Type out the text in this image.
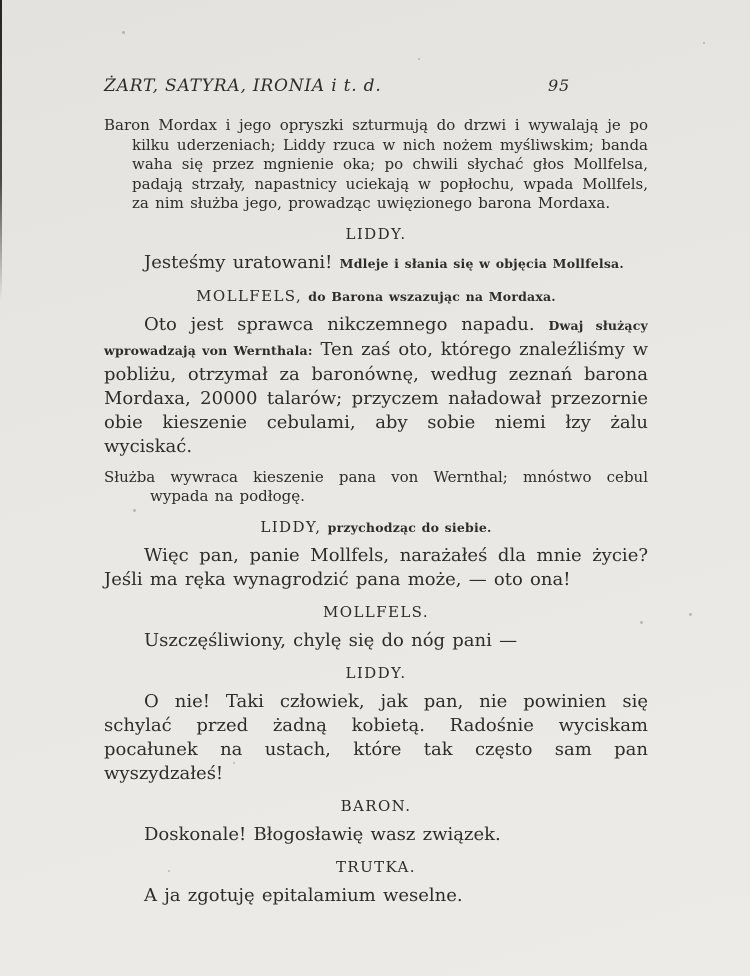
ŻART, SATYRA, IRONIA i t. d.	95

Baron Mordax i jego opryszki szturmują do drzwi i wywalają je po kilku uderzeniach; Liddy rzuca w nich nożem myśliwskim; banda waha się przez mgnienie oka; po chwili słychać głos Mollfelsa, padają strzały, napastnicy uciekają w popłochu, wpada Mollfels, za nim służba jego, prowadząc uwięzionego barona Mordaxa.

LIDDY.

Jesteśmy uratowani! Mdleje i słania się w objęcia Mollfelsa.

MOLLFELS, do Barona wszazując na Mordaxa.

Oto jest sprawca nikczemnego napadu. Dwaj służący wprowadzają von Wernthala: Ten zaś oto, którego znaleźliśmy w pobliżu, otrzymał za baronównę, według zeznań barona Mordaxa, 20000 talarów; przyczem naładował przezornie obie kieszenie cebulami, aby sobie niemi łzy żalu wyciskać.

Służba wywraca kieszenie pana von Wernthal; mnóstwo cebul wypada na podłogę.

LIDDY, przychodząc do siebie.

Więc pan, panie Mollfels, narażałeś dla mnie życie? Jeśli ma ręka wynagrodzić pana może, — oto ona!

MOLLFELS.

Uszczęśliwiony, chylę się do nóg pani —

LIDDY.

O nie! Taki człowiek, jak pan, nie powinien się schylać przed żadną kobietą. Radośnie wyciskam pocałunek na ustach, które tak często sam pan wyszydzałeś!

BARON.

Doskonale! Błogosławię wasz związek.

TRUTKA.

A ja zgotuję epitalamium weselne.
